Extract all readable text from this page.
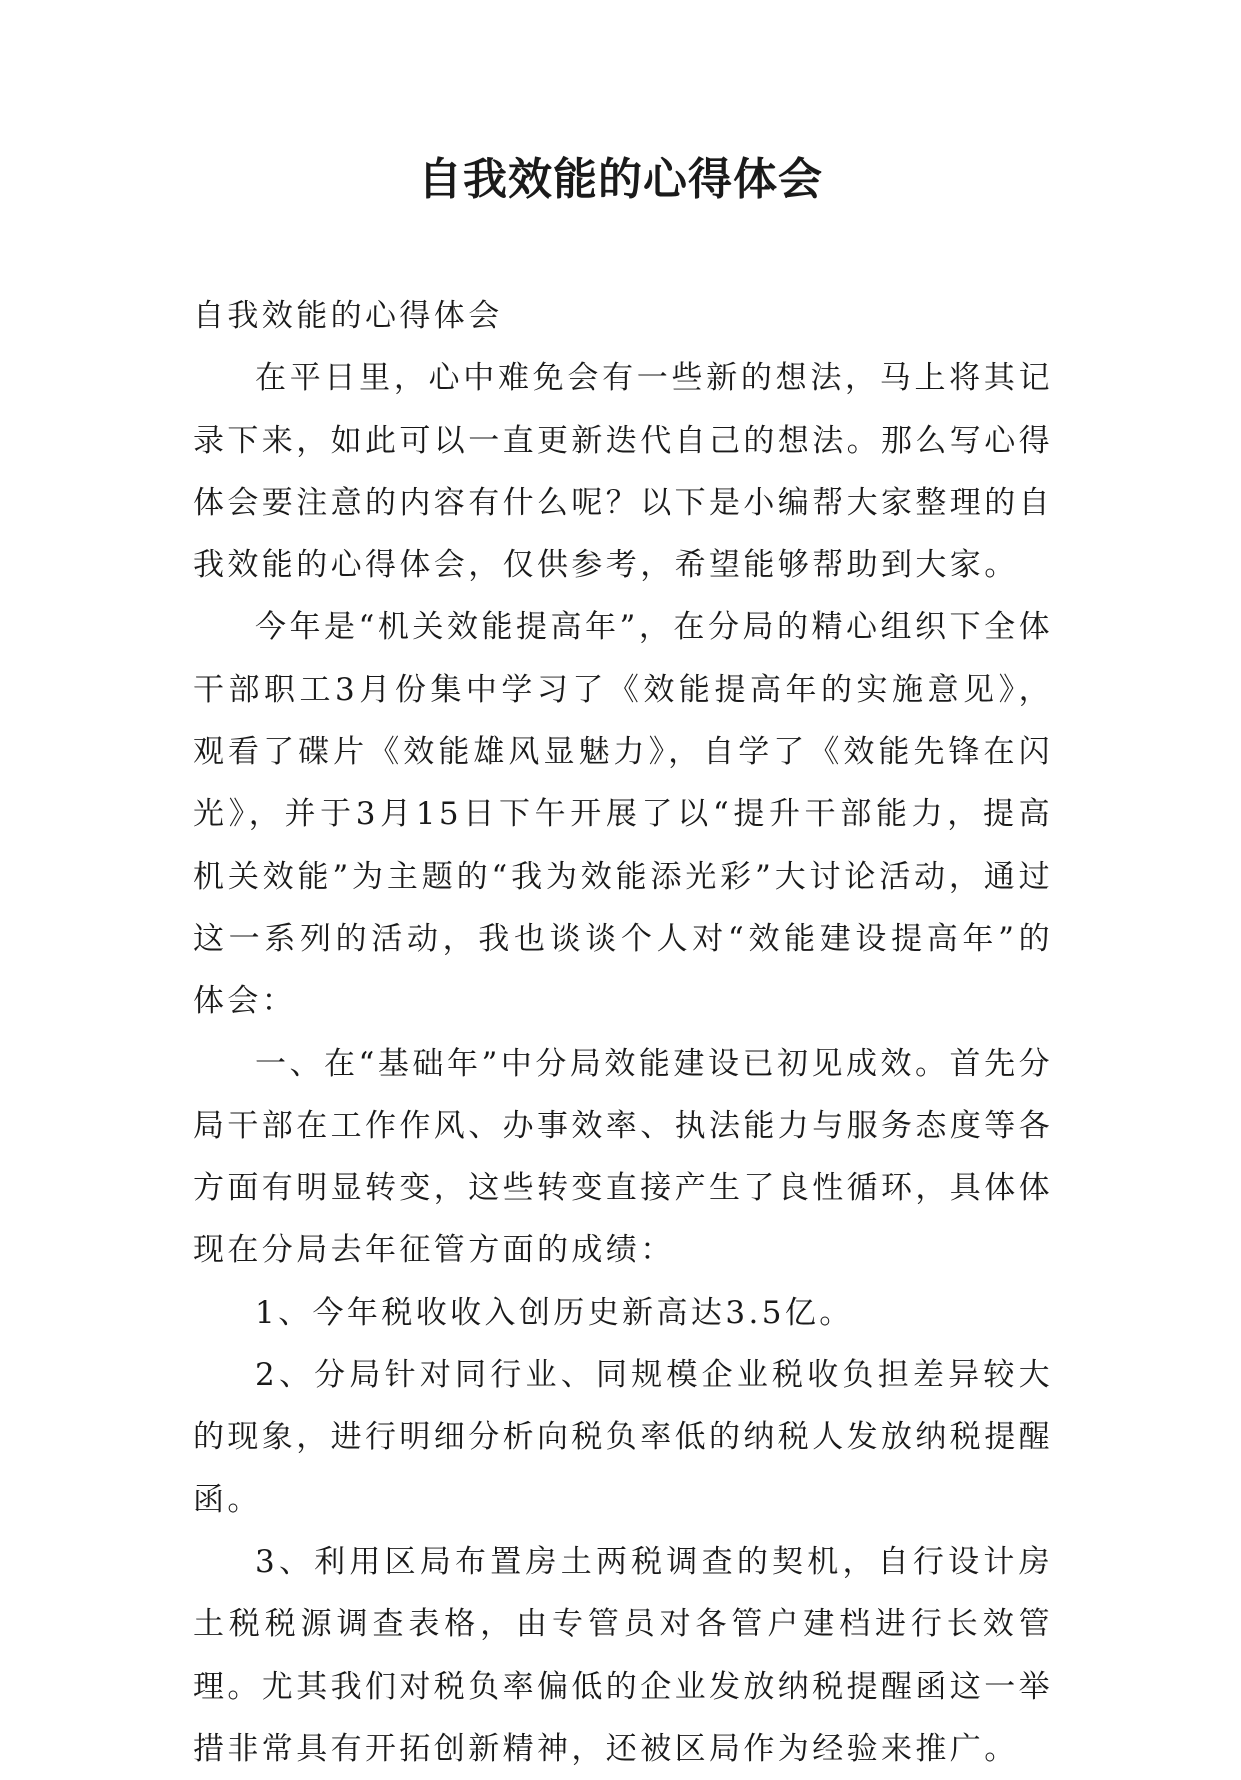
自我效能的心得体会

自我效能的心得体会

在平日里，心中难免会有一些新的想法，马上将其记录下来，如此可以一直更新迭代自己的想法。那么写心得体会要注意的内容有什么呢？以下是小编帮大家整理的自我效能的心得体会，仅供参考，希望能够帮助到大家。

今年是“机关效能提高年”，在分局的精心组织下全体干部职工3月份集中学习了《效能提高年的实施意见》，观看了碟片《效能雄风显魅力》，自学了《效能先锋在闪光》，并于3月15日下午开展了以“提升干部能力，提高机关效能”为主题的“我为效能添光彩”大讨论活动，通过这一系列的活动，我也谈谈个人对“效能建设提高年”的体会：

一、在“基础年”中分局效能建设已初见成效。首先分局干部在工作作风、办事效率、执法能力与服务态度等各方面有明显转变，这些转变直接产生了良性循环，具体体现在分局去年征管方面的成绩：

1、今年税收收入创历史新高达3.5亿。

2、分局针对同行业、同规模企业税收负担差异较大的现象，进行明细分析向税负率低的纳税人发放纳税提醒函。

3、利用区局布置房土两税调查的契机，自行设计房土税税源调查表格，由专管员对各管户建档进行长效管理。尤其我们对税负率偏低的企业发放纳税提醒函这一举措非常具有开拓创新精神，还被区局作为经验来推广。
